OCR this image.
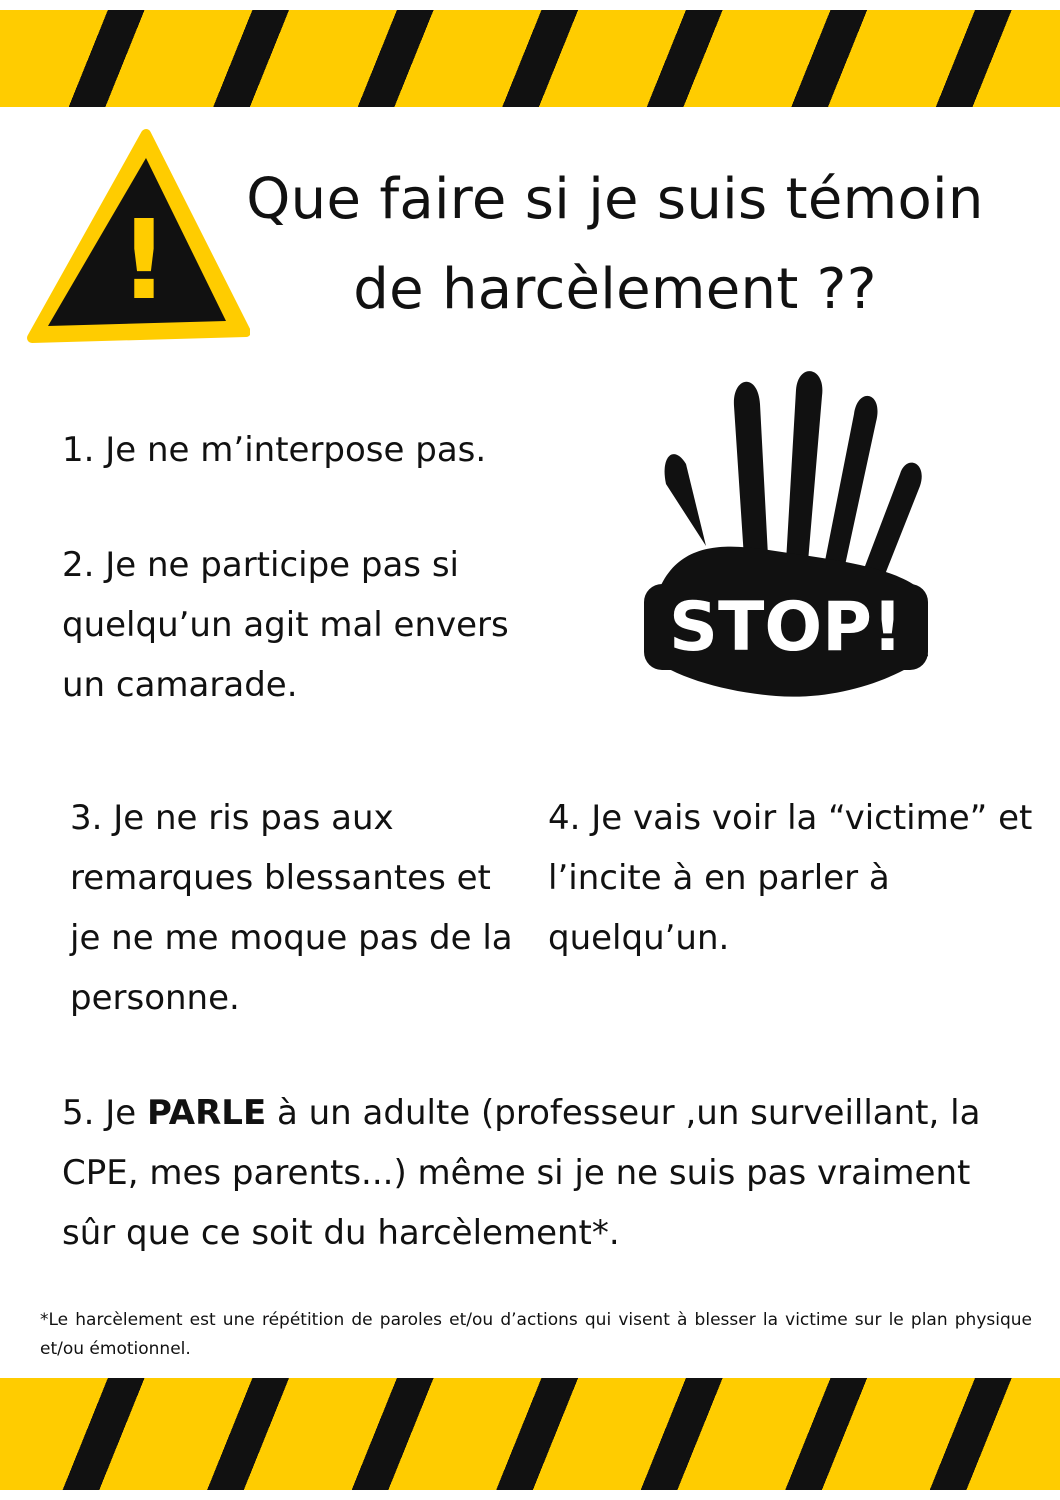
!	Que faire si je suis témoin de harcèlement ??
STOP!
1. Je ne m’interpose pas.
2. Je ne participe pas si quelqu’un agit mal envers un camarade.
3. Je ne ris pas aux remarques blessantes et je ne me moque pas de la personne.
4. Je vais voir la “victime” et l’incite à en parler à quelqu’un.
5. Je PARLE à un adulte (professeur ,un surveillant, la CPE, mes parents...) même si je ne suis pas vraiment sûr que ce soit du harcèlement*.
*Le harcèlement est une répétition de paroles et/ou d’actions qui visent à blesser la victime sur le plan physique et/ou émotionnel.
